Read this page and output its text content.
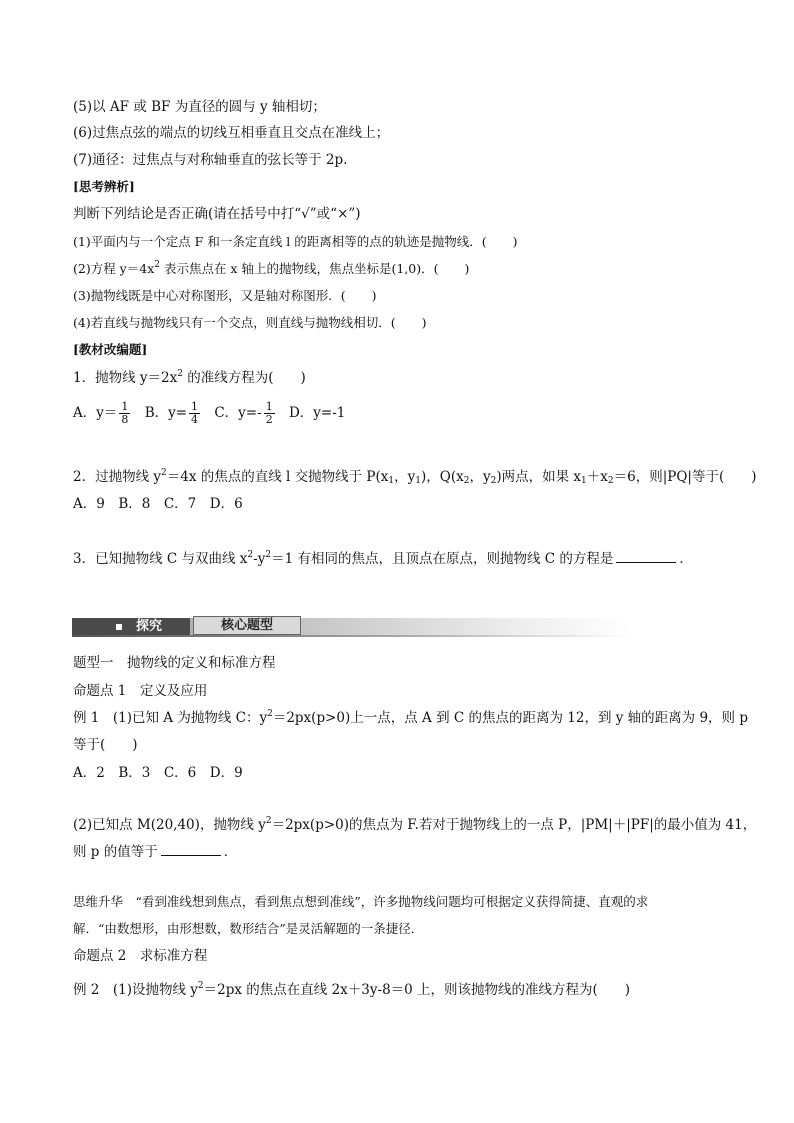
(5)以 AF 或 BF 为直径的圆与 y 轴相切；
(6)过焦点弦的端点的切线互相垂直且交点在准线上；
(7)通径：过焦点与对称轴垂直的弦长等于 2p.
[思考辨析]
判断下列结论是否正确(请在括号中打“√”或“×”)
(1)平面内与一个定点 F 和一条定直线 l 的距离相等的点的轨迹是抛物线．( )
(2)方程 $y=4x^2$ 表示焦点在 x 轴上的抛物线，焦点坐标是(1,0)．( )
(3)抛物线既是中心对称图形，又是轴对称图形．( )
(4)若直线与抛物线只有一个交点，则直线与抛物线相切．( )
[教材改编题]
1．抛物线 $y=2x^2$ 的准线方程为(　　)
A．$y= \frac{1}{8}$ B．$y= \frac{1}{4}$ C．$y=- \frac{1}{2}$ D．y=-1
2．过抛物线 $y^2=4x$ 的焦点的直线 l 交抛物线于 $P(x_1$，$y_1$)，$Q(x_2$，$y_2$)两点，如果 $x_1+x_2=6$，则|PQ|等于(　　)
A．9　B．8　C．7　D．6
3．已知抛物线 C 与双曲线 $x^2-y^2=1$ 有相同的焦点，且顶点在原点，则抛物线 C 的方程是	．
探究	核心题型
题型一　抛物线的定义和标准方程
命题点 1　定义及应用
例 1　(1)已知 A 为抛物线 C：$y^2=2px(p>0)$上一点，点 A 到 C 的焦点的距离为 12，到 y 轴的距离为 9，则 p
等于(　　)
A．2　B．3　C．6　D．9
(2)已知点 M(20,40)，抛物线 $y^2=2px(p>0)$的焦点为 F.若对于抛物线上的一点 P，|PM|＋|PF|的最小值为 41，
则 p 的值等于	．
思维升华　“看到准线想到焦点，看到焦点想到准线”，许多抛物线问题均可根据定义获得简捷、直观的求
解．“由数想形，由形想数，数形结合”是灵活解题的一条捷径．
命题点 2　求标准方程
例 2　(1)设抛物线 $y^2=2px$ 的焦点在直线 2x＋3y-8＝0 上，则该抛物线的准线方程为(　　)
